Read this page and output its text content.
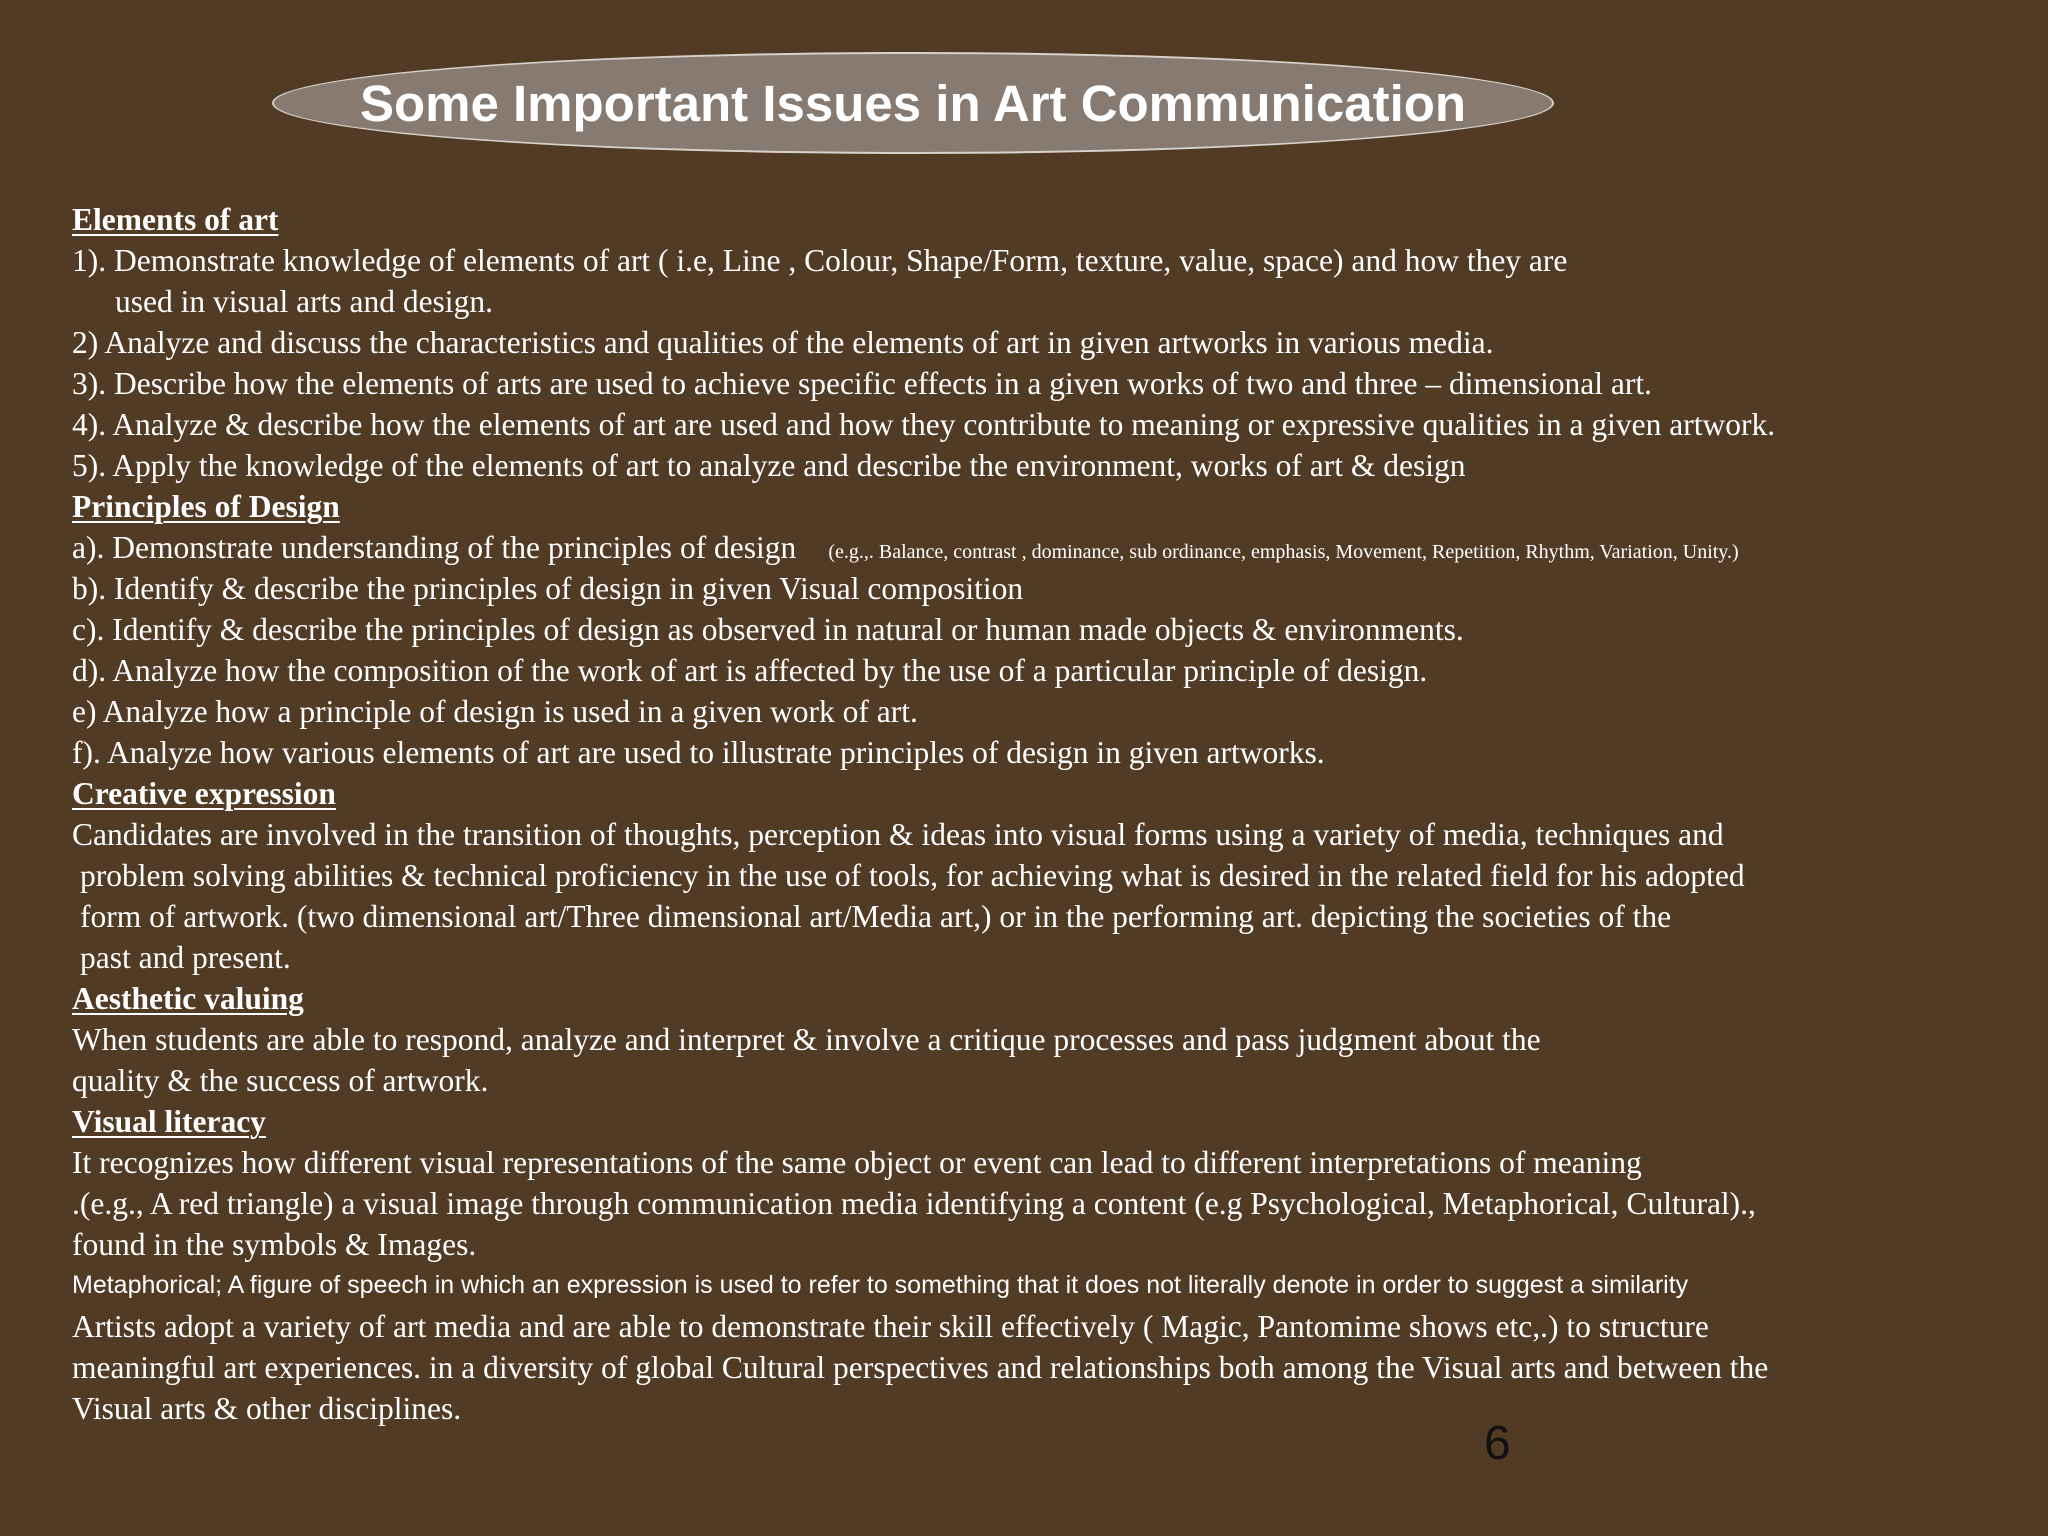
Some Important Issues in Art Communication
Elements of art
1). Demonstrate knowledge of elements of art ( i.e, Line , Colour, Shape/Form, texture, value, space) and how they are
used in visual arts and design.
2) Analyze and discuss the characteristics and qualities of the elements of art in given artworks in various media.
3). Describe how the elements of arts are used to achieve specific effects in a given works of two and three – dimensional art.
4). Analyze & describe how the elements of art are used and how they contribute to meaning or expressive qualities in a given artwork.
5). Apply the knowledge of the elements of art to analyze and describe the environment, works of art & design
Principles of Design
a). Demonstrate understanding of the principles of design (e.g.,. Balance, contrast , dominance, sub ordinance, emphasis, Movement, Repetition, Rhythm, Variation, Unity.)
b). Identify & describe the principles of design in given Visual composition
c). Identify & describe the principles of design as observed in natural or human made objects & environments.
d). Analyze how the composition of the work of art is affected by the use of a particular principle of design.
e) Analyze how a principle of design is used in a given work of art.
f). Analyze how various elements of art are used to illustrate principles of design in given artworks.
Creative expression
Candidates are involved in the transition of thoughts, perception & ideas into visual forms using a variety of media, techniques and
problem solving abilities & technical proficiency in the use of tools, for achieving what is desired in the related field for his adopted
form of artwork. (two dimensional art/Three dimensional art/Media art,) or in the performing art. depicting the societies of the
past and present.
Aesthetic valuing
When students are able to respond, analyze and interpret & involve a critique processes and pass judgment about the
quality & the success of artwork.
Visual literacy
It recognizes how different visual representations of the same object or event can lead to different interpretations of meaning
.(e.g., A red triangle) a visual image through communication media identifying a content (e.g Psychological, Metaphorical, Cultural).,
found in the symbols & Images.
Metaphorical; A figure of speech in which an expression is used to refer to something that it does not literally denote in order to suggest a similarity
Artists adopt a variety of art media and are able to demonstrate their skill effectively ( Magic, Pantomime shows etc,.) to structure
meaningful art experiences. in a diversity of global Cultural perspectives and relationships both among the Visual arts and between the
Visual arts & other disciplines.
6
